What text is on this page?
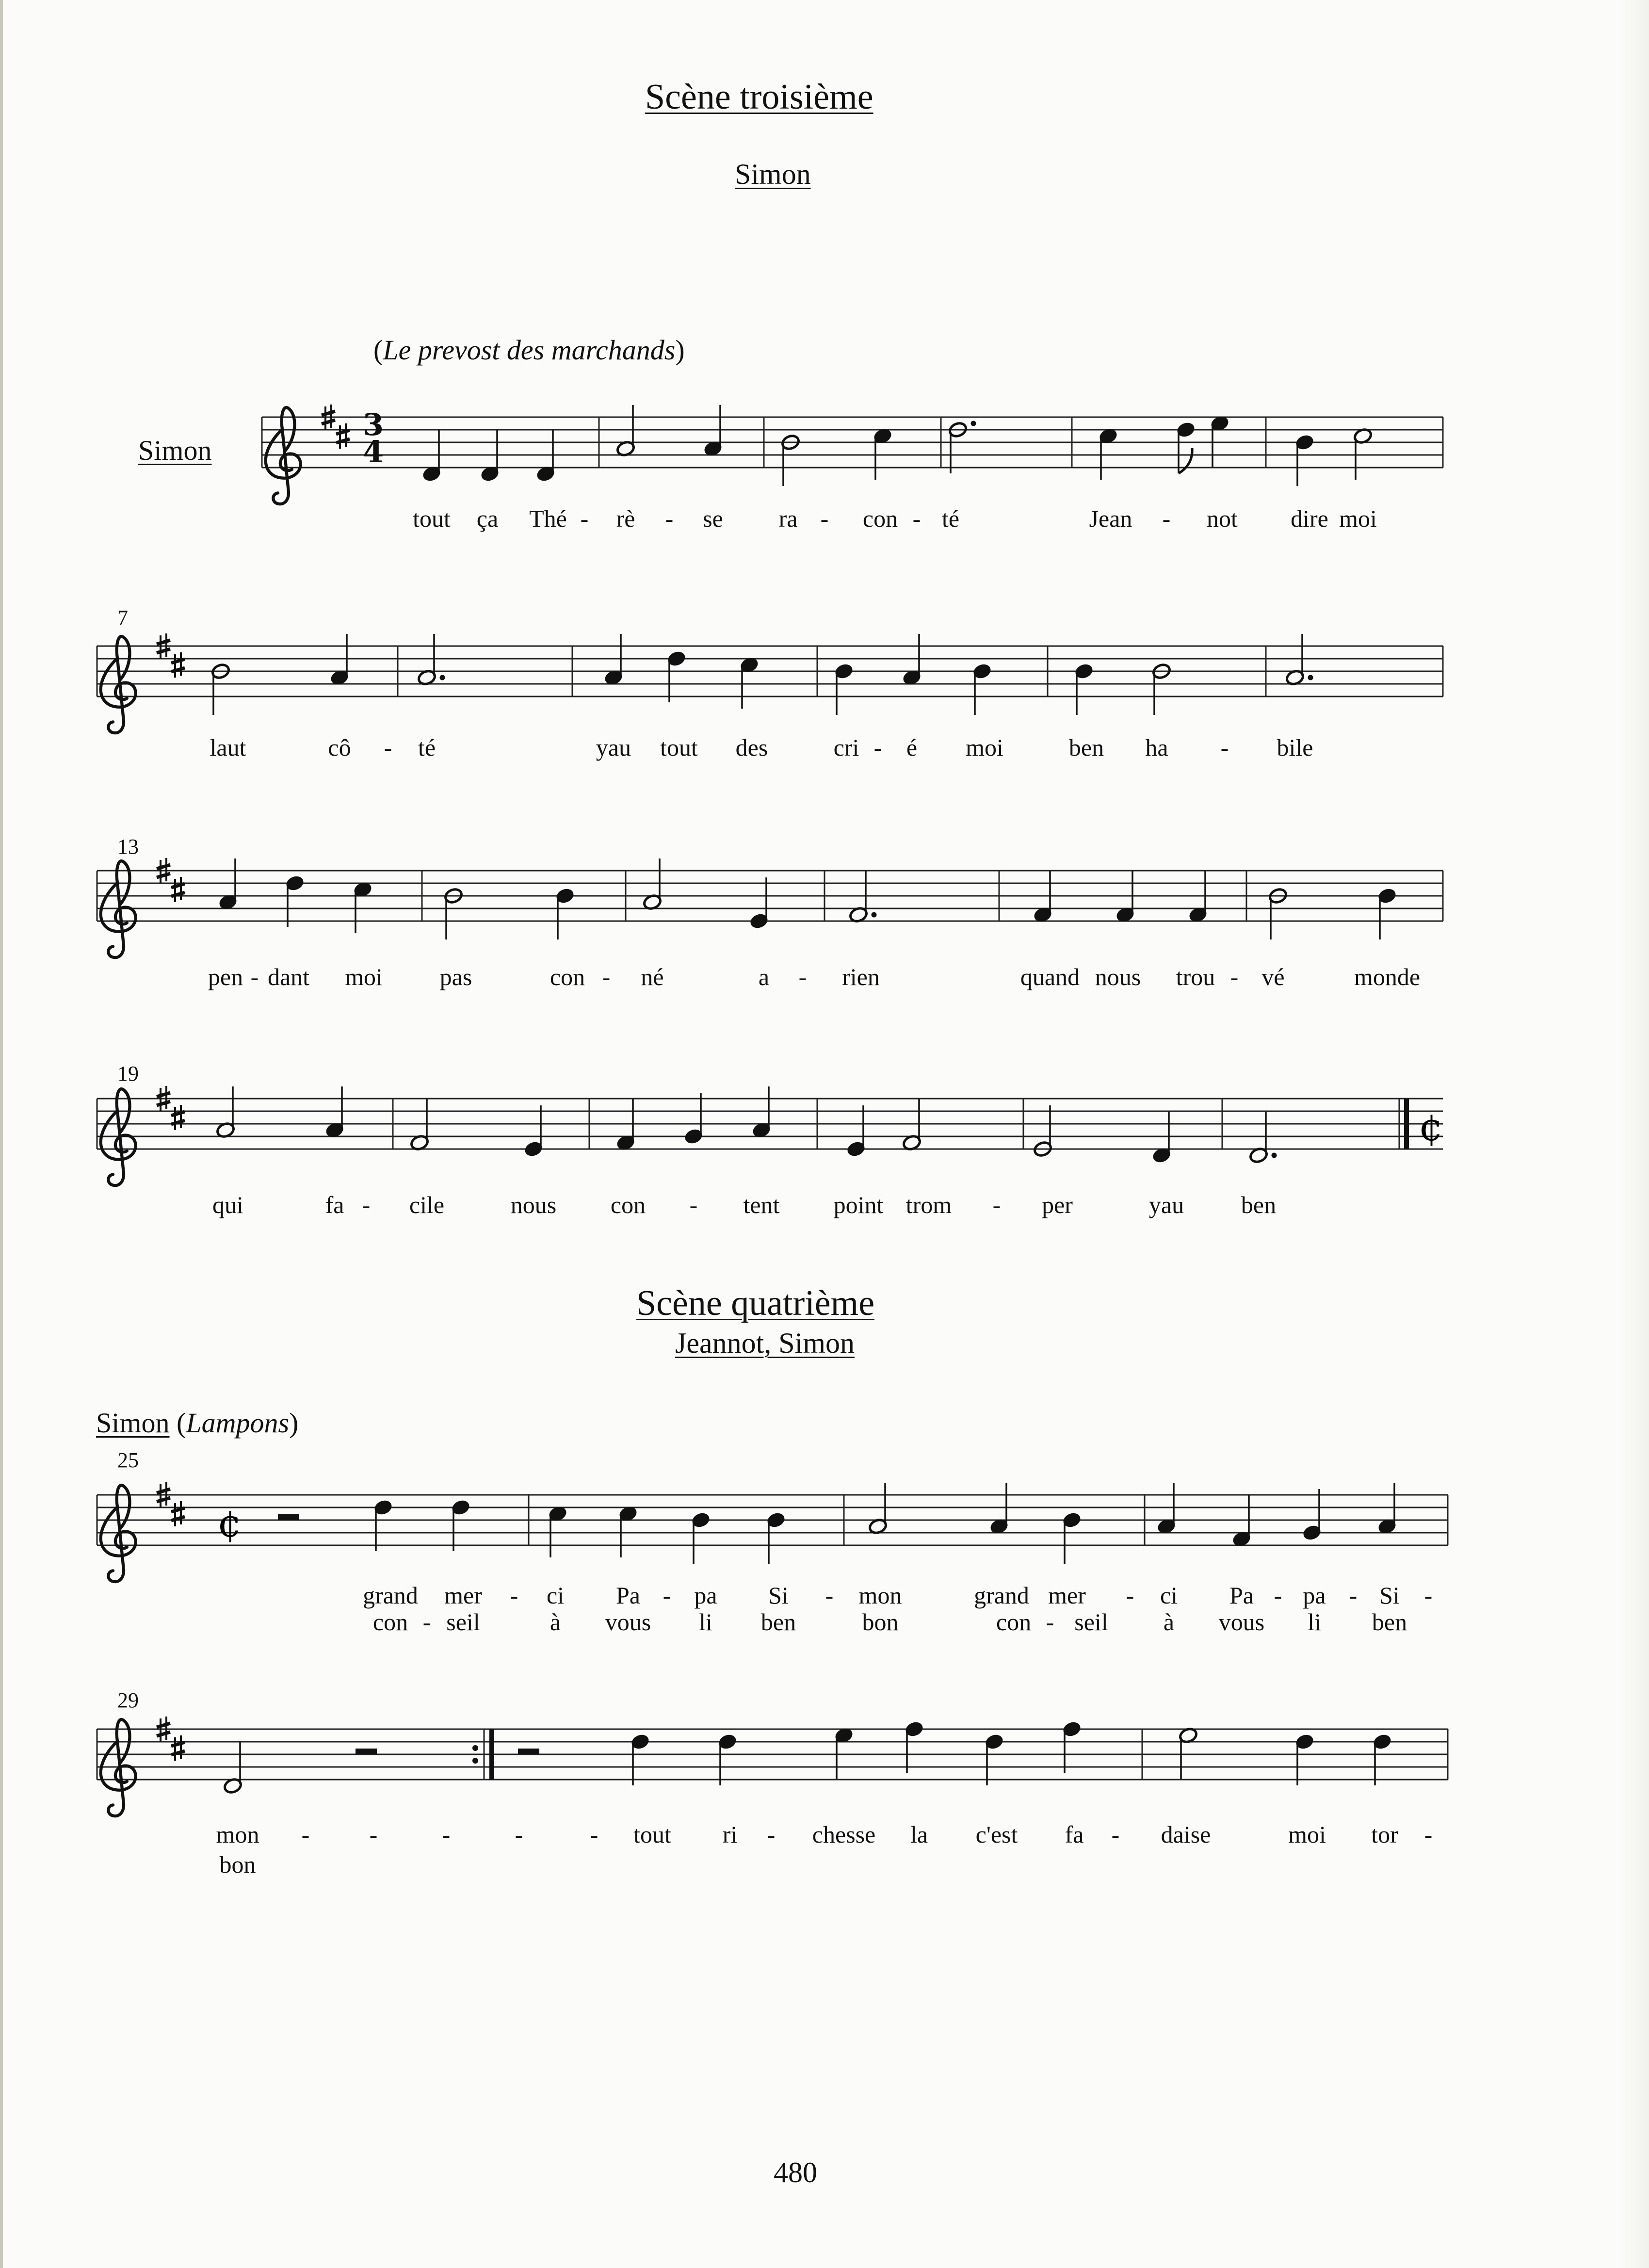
Scène troisième
Simon
(Le prevost des marchands)
Simon
¢
¢
7
13
19
25
29
3
4
tout ça Thé - rè - se ra - con - té	Jean - not dire moi
laut	cô - té	yau tout des	cri - é moi	ben ha - bile
pen - dant moi pas	con - né	a - rien	quand nous trou - vé	monde
qui	fa - cile	nous con - tent point trom - per	yau ben
Scène quatrième
Jeannot, Simon
Simon (Lampons)
grand mer - ci Pa - pa Si - mon	grand mer - ci Pa - pa - Si -
con - seil	à vous li ben	bon	con - seil à vous li ben
mon - -	-	-	- tout ri - chesse la c'est fa - daise	moi tor -
bon
480
